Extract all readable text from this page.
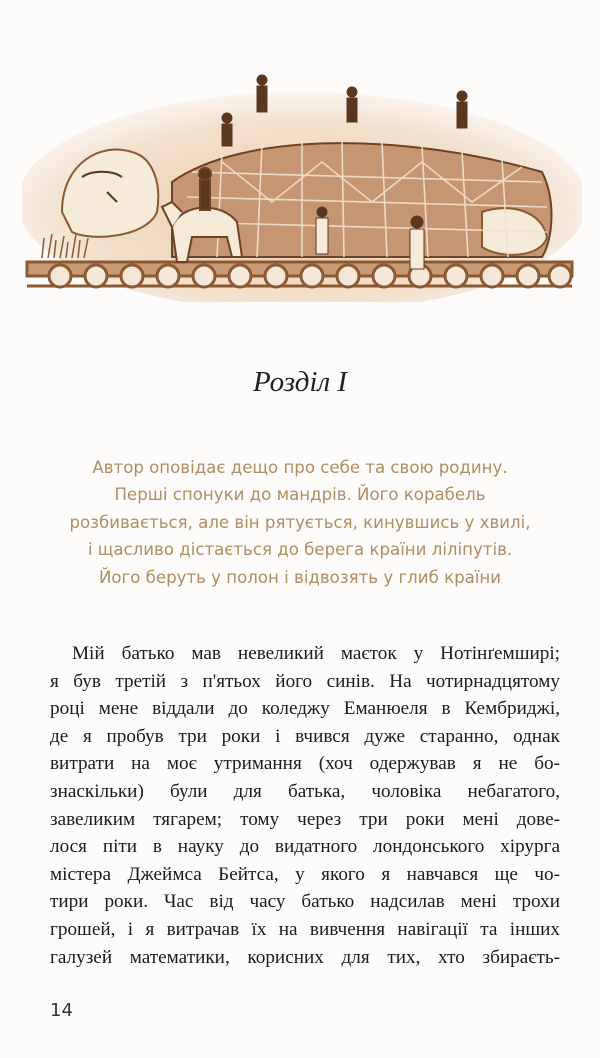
Розділ I
Автор оповідає дещо про себе та свою родину.
Перші спонуки до мандрів. Його корабель
розбивається, але він рятується, кинувшись у хвилі,
і щасливо дістається до берега країни ліліпутів.
Його беруть у полон і відвозять у глиб країни
Мій батько мав невеликий маєток у Нотінґемширі;
я був третій з п'ятьох його синів. На чотирнадцятому
році мене віддали до коледжу Еманюеля в Кембриджі,
де я пробув три роки і вчився дуже старанно, однак
витрати на моє утримання (хоч одержував я не бо-
знаскільки) були для батька, чоловіка небагатого,
завеликим тягарем; тому через три роки мені дове-
лося піти в науку до видатного лондонського хірурга
містера Джеймса Бейтса, у якого я навчався ще чо-
тири роки. Час від часу батько надсилав мені трохи
грошей, і я витрачав їх на вивчення навігації та інших
галузей математики, корисних для тих, хто збираєть-
14
